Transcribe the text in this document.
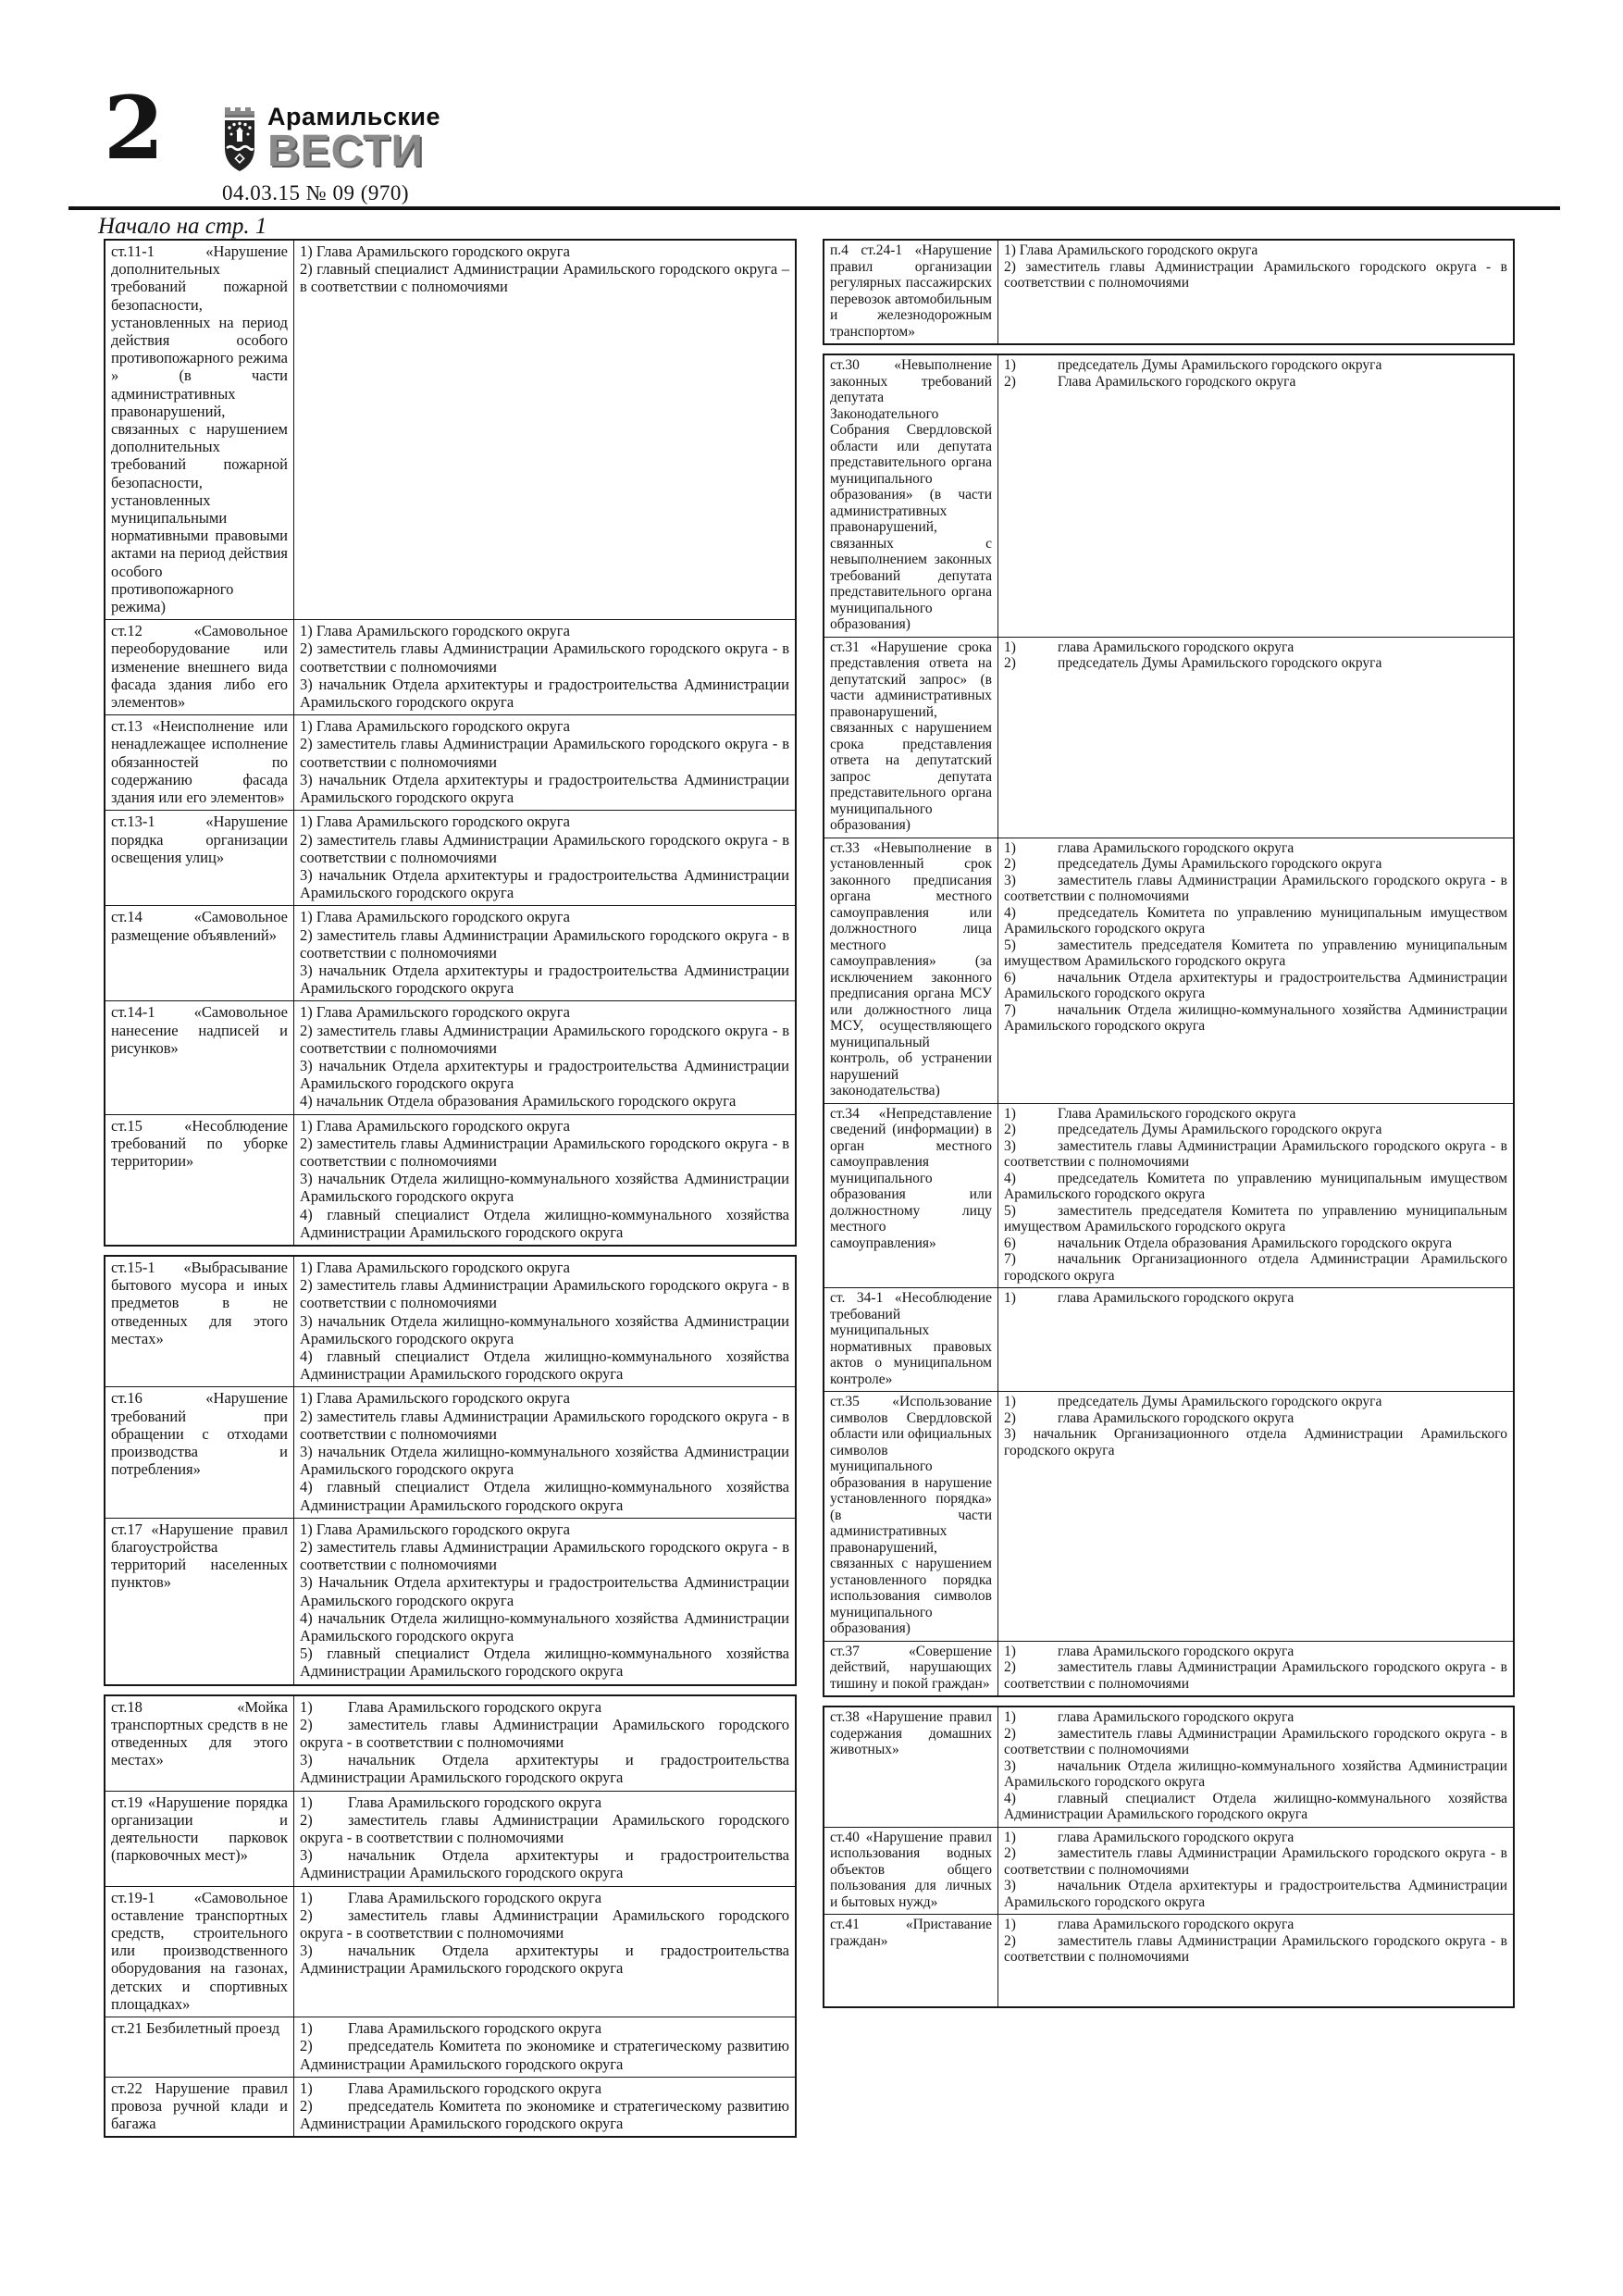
2	Арамильские
ВЕСТИ
04.03.15 № 09 (970)
Начало на стр. 1
ст.11-1 «Нарушение дополнительных требований пожарной безопасности, установленных на период действия особого противопожарного режима » (в части административных правонарушений, связанных с нарушением дополнительных требований пожарной безопасности, установленных муниципальными нормативными правовыми актами на период действия особого противопожарного режима)	1) Глава Арамильского городского округа
2) главный специалист Администрации Арамильского городского округа – в соответствии с полномочиями

ст.12 «Самовольное переоборудование или изменение внешнего вида фасада здания либо его элементов»	1) Глава Арамильского городского округа
2) заместитель главы Администрации Арамильского городского округа - в соответствии с полномочиями
3) начальник Отдела архитектуры и градостроительства Администрации Арамильского городского округа

ст.13 «Неисполнение или ненадлежащее исполнение обязанностей по содержанию фасада здания или его элементов»	1) Глава Арамильского городского округа
2) заместитель главы Администрации Арамильского городского округа - в соответствии с полномочиями
3) начальник Отдела архитектуры и градостроительства Администрации Арамильского городского округа

ст.13-1 «Нарушение порядка организации освещения улиц»	1) Глава Арамильского городского округа
2) заместитель главы Администрации Арамильского городского округа - в соответствии с полномочиями
3) начальник Отдела архитектуры и градостроительства Администрации Арамильского городского округа

ст.14 «Самовольное размещение объявлений»	1) Глава Арамильского городского округа
2) заместитель главы Администрации Арамильского городского округа - в соответствии с полномочиями
3) начальник Отдела архитектуры и градостроительства Администрации Арамильского городского округа

ст.14-1 «Самовольное нанесение надписей и рисунков»	1) Глава Арамильского городского округа
2) заместитель главы Администрации Арамильского городского округа - в соответствии с полномочиями
3) начальник Отдела архитектуры и градостроительства Администрации Арамильского городского округа
4) начальник Отдела образования Арамильского городского округа

ст.15 «Несоблюдение требований по уборке территории»	1) Глава Арамильского городского округа
2) заместитель главы Администрации Арамильского городского округа - в соответствии с полномочиями
3) начальник Отдела жилищно-коммунального хозяйства Администрации Арамильского городского округа
4) главный специалист Отдела жилищно-коммунального хозяйства Администрации Арамильского городского округа
ст.15-1 «Выбрасывание бытового мусора и иных предметов в не отведенных для этого местах»	1) Глава Арамильского городского округа
2) заместитель главы Администрации Арамильского городского округа - в соответствии с полномочиями
3) начальник Отдела жилищно-коммунального хозяйства Администрации Арамильского городского округа
4) главный специалист Отдела жилищно-коммунального хозяйства Администрации Арамильского городского округа

ст.16 «Нарушение требований при обращении с отходами производства и потребления»	1) Глава Арамильского городского округа
2) заместитель главы Администрации Арамильского городского округа - в соответствии с полномочиями
3) начальник Отдела жилищно-коммунального хозяйства Администрации Арамильского городского округа
4) главный специалист Отдела жилищно-коммунального хозяйства Администрации Арамильского городского округа

ст.17 «Нарушение правил благоустройства территорий населенных пунктов»	1) Глава Арамильского городского округа
2) заместитель главы Администрации Арамильского городского округа - в соответствии с полномочиями
3) Начальник Отдела архитектуры и градостроительства Администрации Арамильского городского округа
4) начальник Отдела жилищно-коммунального хозяйства Администрации Арамильского городского округа
5) главный специалист Отдела жилищно-коммунального хозяйства Администрации Арамильского городского округа
ст.18 «Мойка транспортных средств в не отведенных для этого местах»	1) Глава Арамильского городского округа
2) заместитель главы Администрации Арамильского городского округа - в соответствии с полномочиями
3) начальник Отдела архитектуры и градостроительства Администрации Арамильского городского округа

ст.19 «Нарушение порядка организации и деятельности парковок (парковочных мест)»	1) Глава Арамильского городского округа
2) заместитель главы Администрации Арамильского городского округа - в соответствии с полномочиями
3) начальник Отдела архитектуры и градостроительства Администрации Арамильского городского округа

ст.19-1 «Самовольное оставление транспортных средств, строительного или производственного оборудования на газонах, детских и спортивных площадках»	1) Глава Арамильского городского округа
2) заместитель главы Администрации Арамильского городского округа - в соответствии с полномочиями
3) начальник Отдела архитектуры и градостроительства Администрации Арамильского городского округа

ст.21 Безбилетный проезд	1) Глава Арамильского городского округа
2) председатель Комитета по экономике и стратегическому развитию Администрации Арамильского городского округа

ст.22 Нарушение правил провоза ручной клади и багажа	1) Глава Арамильского городского округа
2) председатель Комитета по экономике и стратегическому развитию Администрации Арамильского городского округа
п.4 ст.24-1 «Нарушение правил организации регулярных пассажирских перевозок автомобильным и железнодорожным транспортом»	
1) Глава Арамильского городского округа
2) заместитель главы Администрации Арамильского городского округа - в соответствии с полномочиями
ст.30 «Невыполнение законных требований депутата Законодательного Собрания Свердловской области или депутата представительного органа муниципального образования» (в части административных правонарушений, связанных с невыполнением законных требований депутата представительного органа муниципального образования)	1) председатель Думы Арамильского городского округа
2) Глава Арамильского городского округа

ст.31 «Нарушение срока представления ответа на депутатский запрос» (в части административных правонарушений, связанных с нарушением срока представления ответа на депутатский запрос депутата представительного органа муниципального образования)	1) глава Арамильского городского округа
2) председатель Думы Арамильского городского округа

ст.33 «Невыполнение в установленный срок законного предписания органа местного самоуправления или должностного лица местного самоуправления» (за исключением законного предписания органа МСУ или должностного лица МСУ, осуществляющего муниципальный контроль, об устранении нарушений законодательства)	
1)	глава Арамильского городского округа
2)	председатель Думы Арамильского городского округа
3)	заместитель главы Администрации Арамильского городского округа - в соответствии с полномочиями
4)	председатель Комитета по управлению муниципальным имуществом Арамильского городского округа
5)	заместитель председателя Комитета по управлению муниципальным имуществом Арамильского городского округа
6)	начальник Отдела архитектуры и градостроительства Администрации Арамильского городского округа
7)	начальник Отдела жилищно-коммунального хозяйства Администрации Арамильского городского округа

ст.34 «Непредставление сведений (информации) в орган местного самоуправления муниципального образования или должностному лицу местного самоуправления»	
1)	Глава Арамильского городского округа
2)	председатель Думы Арамильского городского округа
3)	заместитель главы Администрации Арамильского городского округа - в соответствии с полномочиями
4)	председатель Комитета по управлению муниципальным имуществом Арамильского городского округа
5)	заместитель председателя Комитета по управлению муниципальным имуществом Арамильского городского округа
6)	начальник Отдела образования Арамильского городского округа
7)	начальник Организационного отдела Администрации Арамильского городского округа

ст. 34-1 «Несоблюдение требований муниципальных нормативных правовых актов о муниципальном контроле»	1) глава Арамильского городского округа

ст.35 «Использование символов Свердловской области или официальных символов муниципального образования в нарушение установленного порядка» (в части административных правонарушений, связанных с нарушением установленного порядка использования символов муниципального образования)	
1)	председатель Думы Арамильского городского округа
2)	глава Арамильского городского округа
3) начальник Организационного отдела Администрации Арамильского городского округа

ст.37 «Совершение действий, нарушающих тишину и покой граждан»	1) глава Арамильского городского округа
2) заместитель главы Администрации Арамильского городского округа - в соответствии с полномочиями
ст.38 «Нарушение правил содержания домашних животных»	1) глава Арамильского городского округа
2) заместитель главы Администрации Арамильского городского округа - в соответствии с полномочиями
3) начальник Отдела жилищно-коммунального хозяйства Администрации Арамильского городского округа
4) главный специалист Отдела жилищно-коммунального хозяйства Администрации Арамильского городского округа

ст.40 «Нарушение правил использования водных объектов общего пользования для личных и бытовых нужд»	1) глава Арамильского городского округа
2) заместитель главы Администрации Арамильского городского округа - в соответствии с полномочиями
3) начальник Отдела архитектуры и градостроительства Администрации Арамильского городского округа

ст.41 «Приставание граждан»	1) глава Арамильского городского округа
2) заместитель главы Администрации Арамильского городского округа - в соответствии с полномочиями
